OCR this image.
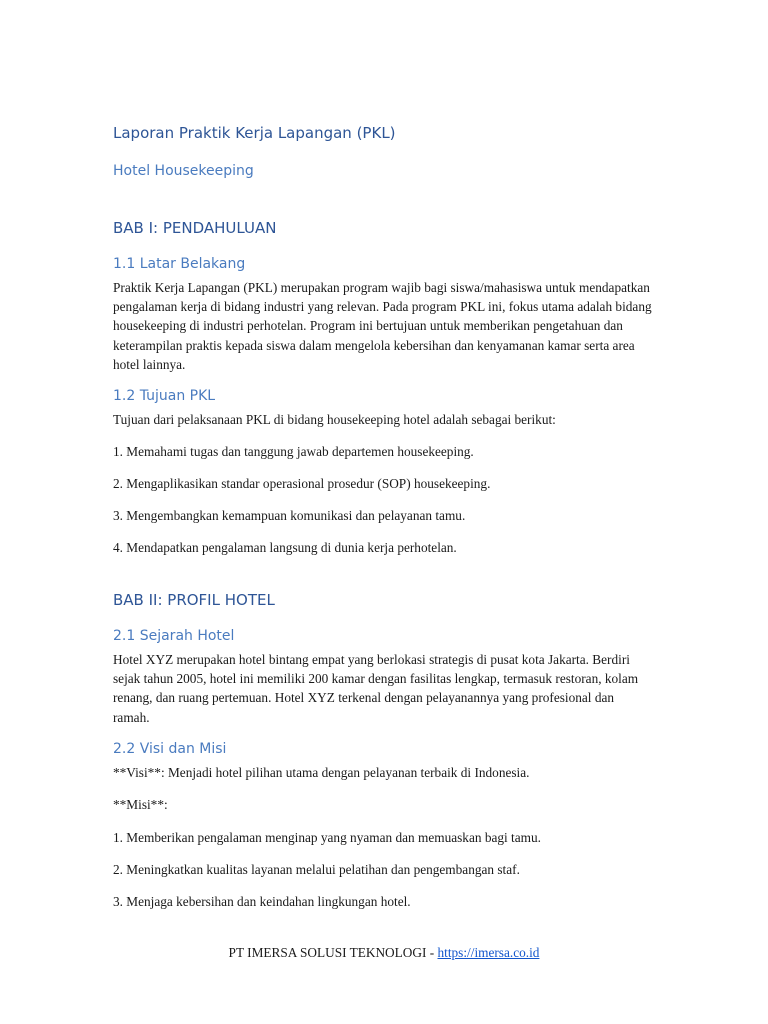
Laporan Praktik Kerja Lapangan (PKL)
Hotel Housekeeping
BAB I: PENDAHULUAN
1.1 Latar Belakang

Praktik Kerja Lapangan (PKL) merupakan program wajib bagi siswa/mahasiswa untuk mendapatkan pengalaman kerja di bidang industri yang relevan. Pada program PKL ini, fokus utama adalah bidang housekeeping di industri perhotelan. Program ini bertujuan untuk memberikan pengetahuan dan keterampilan praktis kepada siswa dalam mengelola kebersihan dan kenyamanan kamar serta area hotel lainnya.

1.2 Tujuan PKL

Tujuan dari pelaksanaan PKL di bidang housekeeping hotel adalah sebagai berikut:

1. Memahami tugas dan tanggung jawab departemen housekeeping.

2. Mengaplikasikan standar operasional prosedur (SOP) housekeeping.

3. Mengembangkan kemampuan komunikasi dan pelayanan tamu.

4. Mendapatkan pengalaman langsung di dunia kerja perhotelan.

BAB II: PROFIL HOTEL
2.1 Sejarah Hotel

Hotel XYZ merupakan hotel bintang empat yang berlokasi strategis di pusat kota Jakarta. Berdiri sejak tahun 2005, hotel ini memiliki 200 kamar dengan fasilitas lengkap, termasuk restoran, kolam renang, dan ruang pertemuan. Hotel XYZ terkenal dengan pelayanannya yang profesional dan ramah.

2.2 Visi dan Misi

**Visi**: Menjadi hotel pilihan utama dengan pelayanan terbaik di Indonesia.

**Misi**:

1. Memberikan pengalaman menginap yang nyaman dan memuaskan bagi tamu.

2. Meningkatkan kualitas layanan melalui pelatihan dan pengembangan staf.

3. Menjaga kebersihan dan keindahan lingkungan hotel.

PT IMERSA SOLUSI TEKNOLOGI - https://imersa.co.id
